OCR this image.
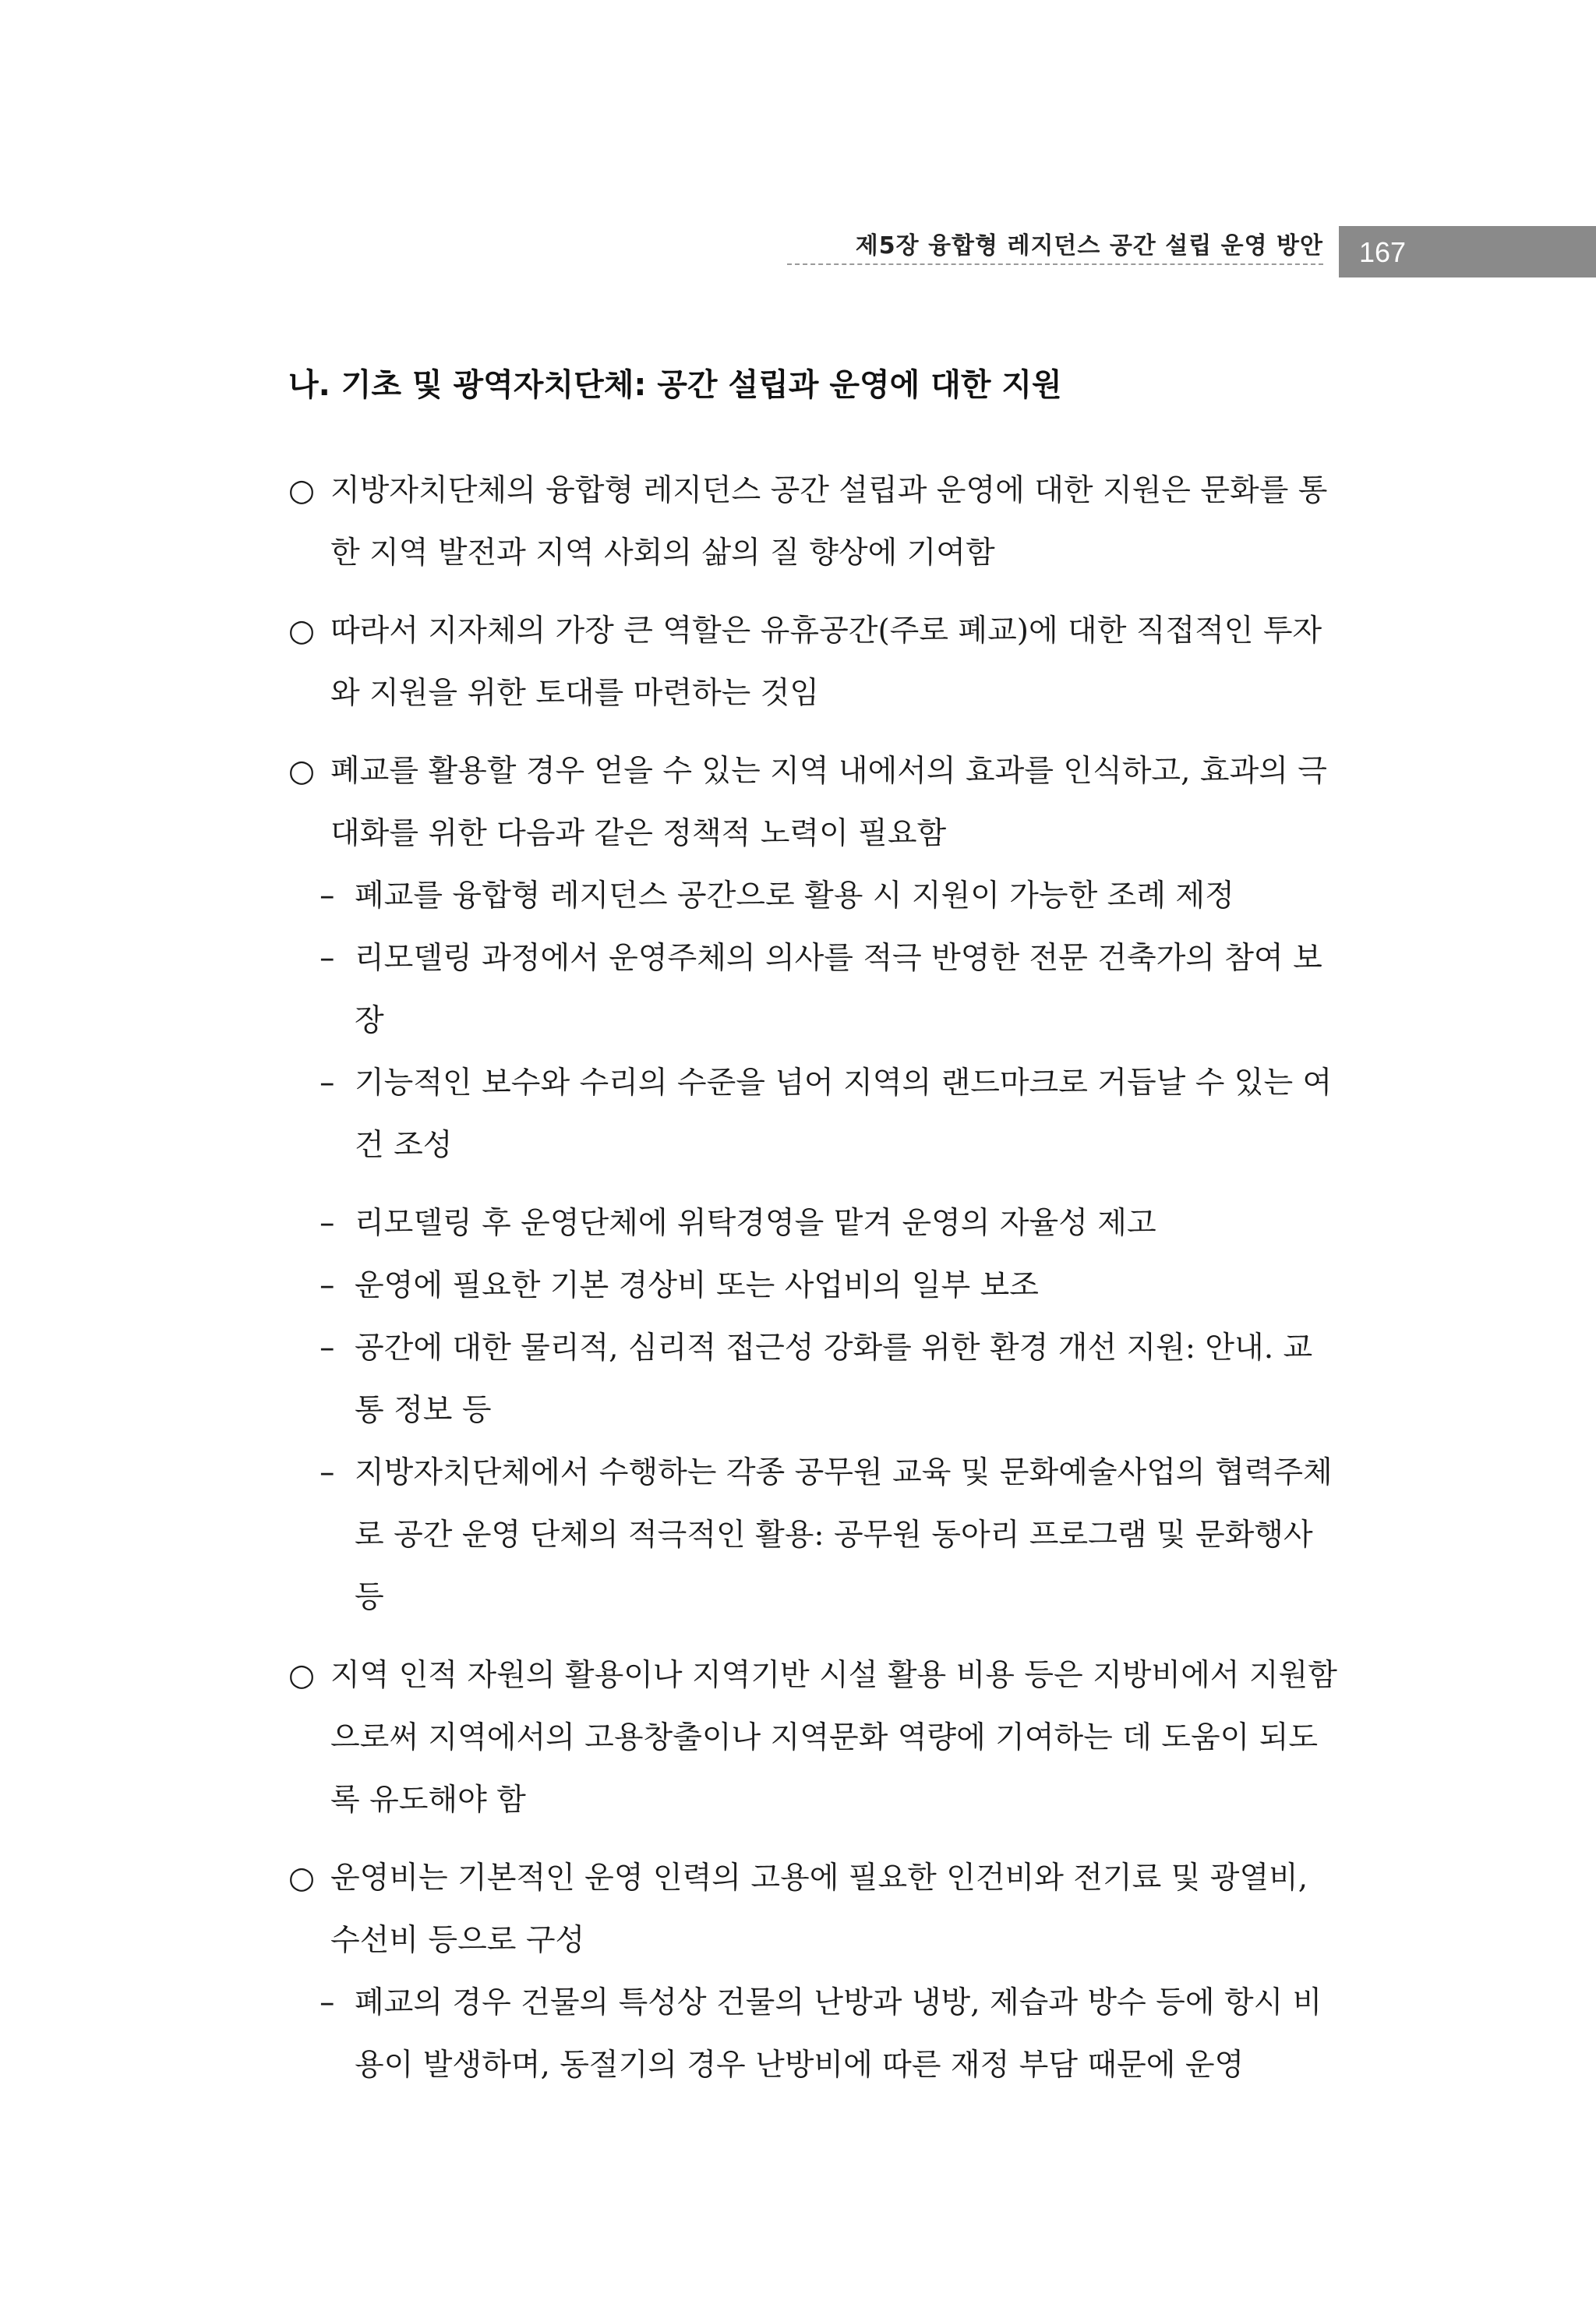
제5장 융합형 레지던스 공간 설립 운영 방안 167
나. 기초 및 광역자치단체: 공간 설립과 운영에 대한 지원
○ 지방자치단체의 융합형 레지던스 공간 설립과 운영에 대한 지원은 문화를 통한 지역 발전과 지역 사회의 삶의 질 향상에 기여함
○ 따라서 지자체의 가장 큰 역할은 유휴공간(주로 폐교)에 대한 직접적인 투자와 지원을 위한 토대를 마련하는 것임
○ 폐교를 활용할 경우 얻을 수 있는 지역 내에서의 효과를 인식하고, 효과의 극대화를 위한 다음과 같은 정책적 노력이 필요함
– 폐교를 융합형 레지던스 공간으로 활용 시 지원이 가능한 조례 제정
– 리모델링 과정에서 운영주체의 의사를 적극 반영한 전문 건축가의 참여 보장
– 기능적인 보수와 수리의 수준을 넘어 지역의 랜드마크로 거듭날 수 있는 여건 조성
– 리모델링 후 운영단체에 위탁경영을 맡겨 운영의 자율성 제고
– 운영에 필요한 기본 경상비 또는 사업비의 일부 보조
– 공간에 대한 물리적, 심리적 접근성 강화를 위한 환경 개선 지원: 안내. 교통 정보 등
– 지방자치단체에서 수행하는 각종 공무원 교육 및 문화예술사업의 협력주체로 공간 운영 단체의 적극적인 활용: 공무원 동아리 프로그램 및 문화행사 등
○ 지역 인적 자원의 활용이나 지역기반 시설 활용 비용 등은 지방비에서 지원함으로써 지역에서의 고용창출이나 지역문화 역량에 기여하는 데 도움이 되도록 유도해야 함
○ 운영비는 기본적인 운영 인력의 고용에 필요한 인건비와 전기료 및 광열비, 수선비 등으로 구성
– 폐교의 경우 건물의 특성상 건물의 난방과 냉방, 제습과 방수 등에 항시 비용이 발생하며, 동절기의 경우 난방비에 따른 재정 부담 때문에 운영
